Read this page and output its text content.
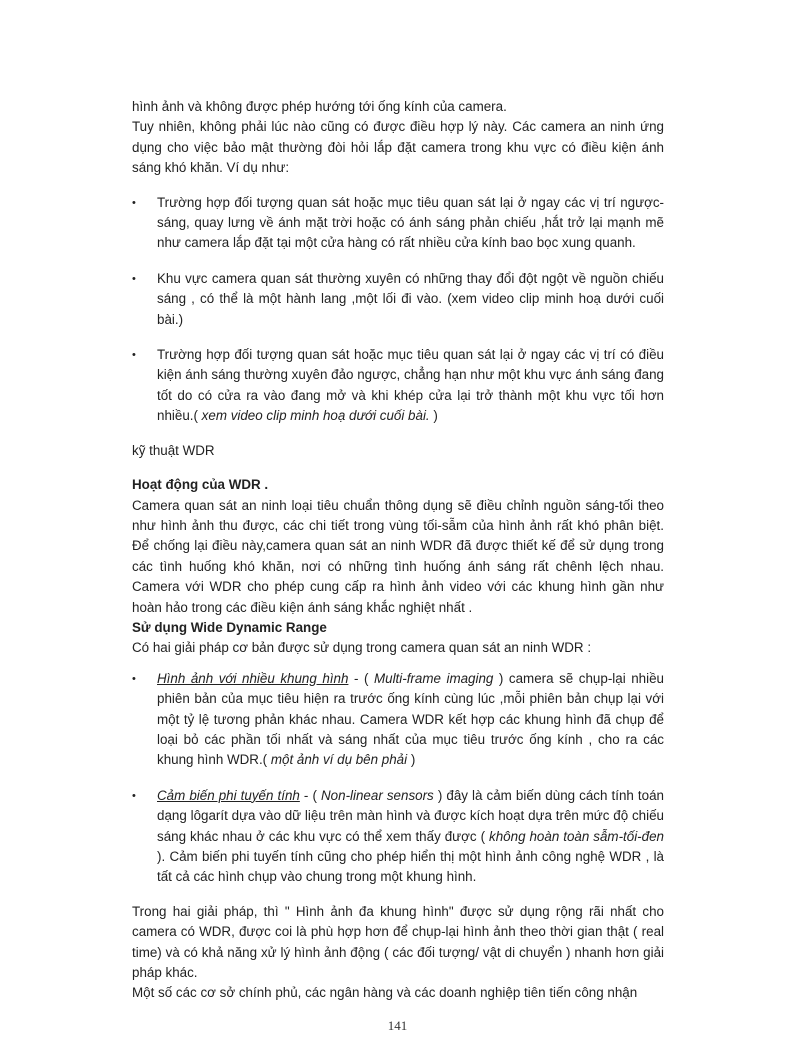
hình ảnh và không được phép hướng tới ống kính của camera.

Tuy nhiên, không phải lúc nào cũng có được điều hợp lý này. Các camera an ninh ứng dụng cho việc bảo mật thường đòi hỏi lắp đặt camera trong khu vực có điều kiện ánh sáng khó khăn. Ví dụ như:

• Trường hợp đối tượng quan sát hoặc mục tiêu quan sát lại ở ngay các vị trí ngược-sáng, quay lưng về ánh mặt trời hoặc có ánh sáng phản chiếu ,hắt trở lại mạnh mẽ như camera lắp đặt tại một cửa hàng có rất nhiều cửa kính bao bọc xung quanh.
• Khu vực camera quan sát thường xuyên có những thay đổi đột ngột về nguồn chiếu sáng , có thể là một hành lang ,một lối đi vào. (xem video clip minh hoạ dưới cuối bài.)
• Trường hợp đối tượng quan sát hoặc mục tiêu quan sát lại ở ngay các vị trí có điều kiện ánh sáng thường xuyên đảo ngược, chẳng hạn như một khu vực ánh sáng đang tốt do có cửa ra vào đang mở và khi khép cửa lại trở thành một khu vực tối hơn nhiều.( xem video clip minh hoạ dưới cuối bài. )

kỹ thuật WDR

Hoạt động của WDR .

Camera quan sát an ninh loại tiêu chuẩn thông dụng sẽ điều chỉnh nguồn sáng-tối theo như hình ảnh thu được, các chi tiết trong vùng tối-sẫm của hình ảnh rất khó phân biệt. Để chống lại điều này,camera quan sát an ninh WDR đã được thiết kế để sử dụng trong các tình huống khó khăn, nơi có những tình huống ánh sáng rất chênh lệch nhau. Camera với WDR cho phép cung cấp ra hình ảnh video với các khung hình gần như hoàn hảo trong các điều kiện ánh sáng khắc nghiệt nhất .

Sử dụng Wide Dynamic Range

Có hai giải pháp cơ bản được sử dụng trong camera quan sát an ninh WDR :

• Hình ảnh với nhiều khung hình - ( Multi-frame imaging ) camera sẽ chụp-lại nhiều phiên bản của mục tiêu hiện ra trước ống kính cùng lúc ,mỗi phiên bản chụp lại với một tỷ lệ tương phản khác nhau. Camera WDR kết hợp các khung hình đã chụp để loại bỏ các phần tối nhất và sáng nhất của mục tiêu trước ống kính , cho ra các khung hình WDR.( một ảnh ví dụ bên phải )
• Cảm biến phi tuyến tính - ( Non-linear sensors ) đây là cảm biến dùng cách tính toán dạng lôgarít dựa vào dữ liệu trên màn hình và được kích hoạt dựa trên mức độ chiếu sáng khác nhau ở các khu vực có thể xem thấy được ( không hoàn toàn sẫm-tối-đen ). Cảm biến phi tuyến tính cũng cho phép hiển thị một hình ảnh công nghệ WDR , là tất cả các hình chụp vào chung trong một khung hình.

Trong hai giải pháp, thì " Hình ảnh đa khung hình" được sử dụng rộng rãi nhất cho camera có WDR, được coi là phù hợp hơn để chụp-lại hình ảnh theo thời gian thật ( real time) và có khả năng xử lý hình ảnh động ( các đối tượng/ vật di chuyển ) nhanh hơn giải pháp khác.

Một số các cơ sở chính phủ, các ngân hàng và các doanh nghiệp tiên tiến công nhận

141
